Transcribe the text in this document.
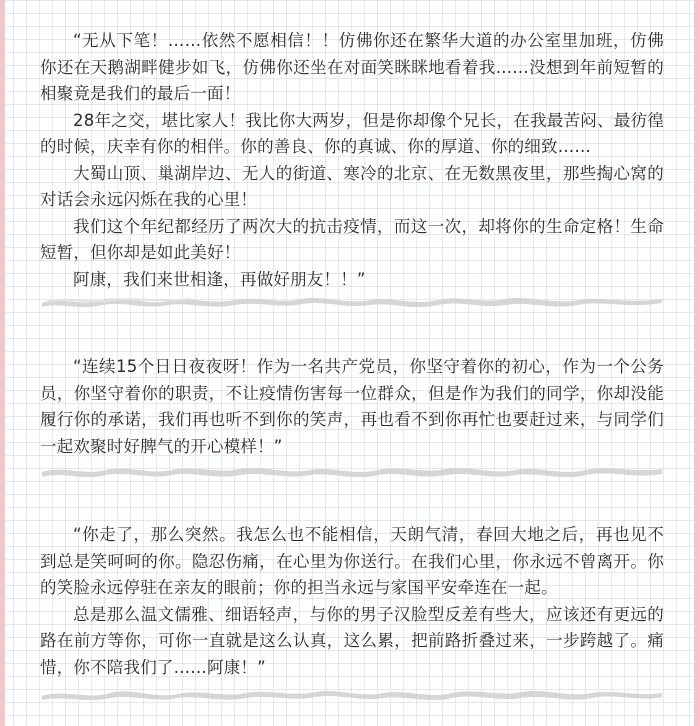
“无从下笔！……依然不愿相信！！仿佛你还在繁华大道的办公室里加班，仿佛你还在天鹅湖畔健步如飞，仿佛你还坐在对面笑眯眯地看着我……没想到年前短暂的相聚竟是我们的最后一面！

28年之交，堪比家人！我比你大两岁，但是你却像个兄长，在我最苦闷、最彷徨的时候，庆幸有你的相伴。你的善良、你的真诚、你的厚道、你的细致……

大蜀山顶、巢湖岸边、无人的街道、寒冷的北京、在无数黑夜里，那些掏心窝的对话会永远闪烁在我的心里！

我们这个年纪都经历了两次大的抗击疫情，而这一次，却将你的生命定格！生命短暂，但你却是如此美好！

阿康，我们来世相逢，再做好朋友！！”

“连续15个日日夜夜呀！作为一名共产党员，你坚守着你的初心，作为一个公务员，你坚守着你的职责，不让疫情伤害每一位群众，但是作为我们的同学，你却没能履行你的承诺，我们再也听不到你的笑声，再也看不到你再忙也要赶过来，与同学们一起欢聚时好脾气的开心模样！”

“你走了，那么突然。我怎么也不能相信，天朗气清，春回大地之后，再也见不到总是笑呵呵的你。隐忍伤痛，在心里为你送行。在我们心里，你永远不曾离开。你的笑脸永远停驻在亲友的眼前；你的担当永远与家国平安牵连在一起。

总是那么温文儒雅、细语轻声，与你的男子汉脸型反差有些大，应该还有更远的路在前方等你，可你一直就是这么认真，这么累，把前路折叠过来，一步跨越了。痛惜，你不陪我们了……阿康！”
